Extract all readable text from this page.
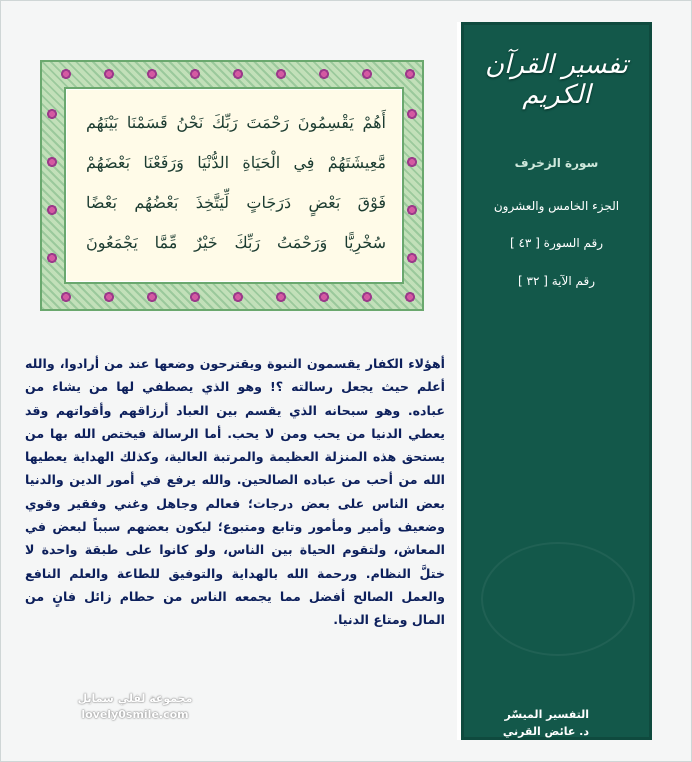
أَهُمْ يَقْسِمُونَ رَحْمَتَ رَبِّكَ نَحْنُ قَسَمْنَا بَيْنَهُم
مَّعِيشَتَهُمْ فِي الْحَيَاةِ الدُّنْيَا وَرَفَعْنَا بَعْضَهُمْ
فَوْقَ بَعْضٍ دَرَجَاتٍ لِّيَتَّخِذَ بَعْضُهُم بَعْضًا
سُخْرِيًّا وَرَحْمَتُ رَبِّكَ خَيْرٌ مِّمَّا يَجْمَعُونَ
أهؤلاء الكفار يقسمون النبوة ويقترحون وضعها عند من أرادوا، والله أعلم حيث يجعل رسالته ؟! وهو الذي يصطفي لها من يشاء من عباده. وهو سبحانه الذي يقسم بين العباد أرزاقهم وأقواتهم وقد يعطي الدنيا من يحب ومن لا يحب. أما الرسالة فيختص الله بها من يستحق هذه المنزلة العظيمة والمرتبة العالية، وكذلك الهداية يعطيها الله من أحب من عباده الصالحين. والله يرفع في أمور الدين والدنيا بعض الناس على بعض درجات؛ فعالم وجاهل وغني وفقير وقوي وضعيف وأمير ومأمور وتابع ومتبوع؛ ليكون بعضهم سبباً لبعض في المعاش، ولتقوم الحياة بين الناس، ولو كانوا على طبقة واحدة لا ختلَّ النظام. ورحمة الله بالهداية والتوفيق للطاعة والعلم النافع والعمل الصالح أفضل مما يجمعه الناس من حطام زائل فانٍ من المال ومتاع الدنيا.
مجموعة لفلي سمايل
lovely0smile.com
تفسير القرآن الكريم
سورة الزخرف
الجزء الخامس والعشرون
رقم السورة [ ٤٣ ]
رقم الآية [ ٣٢ ]
التفسير الميسّر
د. عائض القرني
